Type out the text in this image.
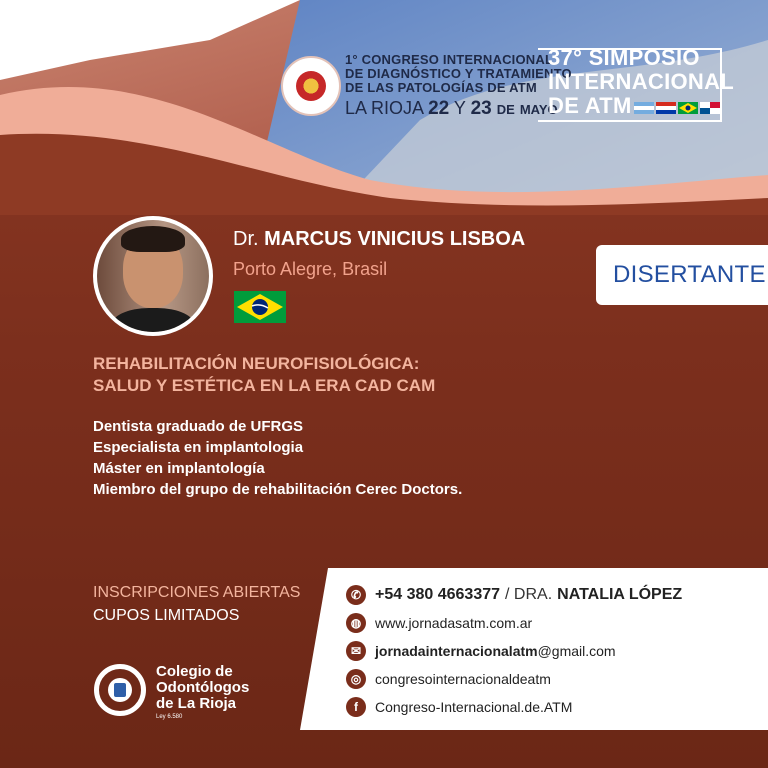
1° CONGRESO INTERNACIONAL
DE DIAGNÓSTICO Y TRATAMIENTO
DE LAS PATOLOGÍAS DE ATM
LA RIOJA 22 Y 23 DE MAYO
37° SIMPOSIO
INTERNACIONAL
DE ATM
Dr. MARCUS VINICIUS LISBOA
Porto Alegre, Brasil	DISERTANTE
REHABILITACIÓN NEUROFISIOLÓGICA:
SALUD Y ESTÉTICA EN LA ERA CAD CAM
Dentista graduado de UFRGS
Especialista en implantologia
Máster en implantología
Miembro del grupo de rehabilitación Cerec Doctors.
INSCRIPCIONES ABIERTAS
CUPOS LIMITADOS
Colegio de
Odontólogos
de La Rioja
Ley 6.580
✆ +54 380 4663377 / DRA. NATALIA LÓPEZ
◍ www.jornadasatm.com.ar
✉ jornadainternacionalatm @gmail.com
◎ congresointernacionaldeatm
f	Congreso-Internacional.de.ATM
